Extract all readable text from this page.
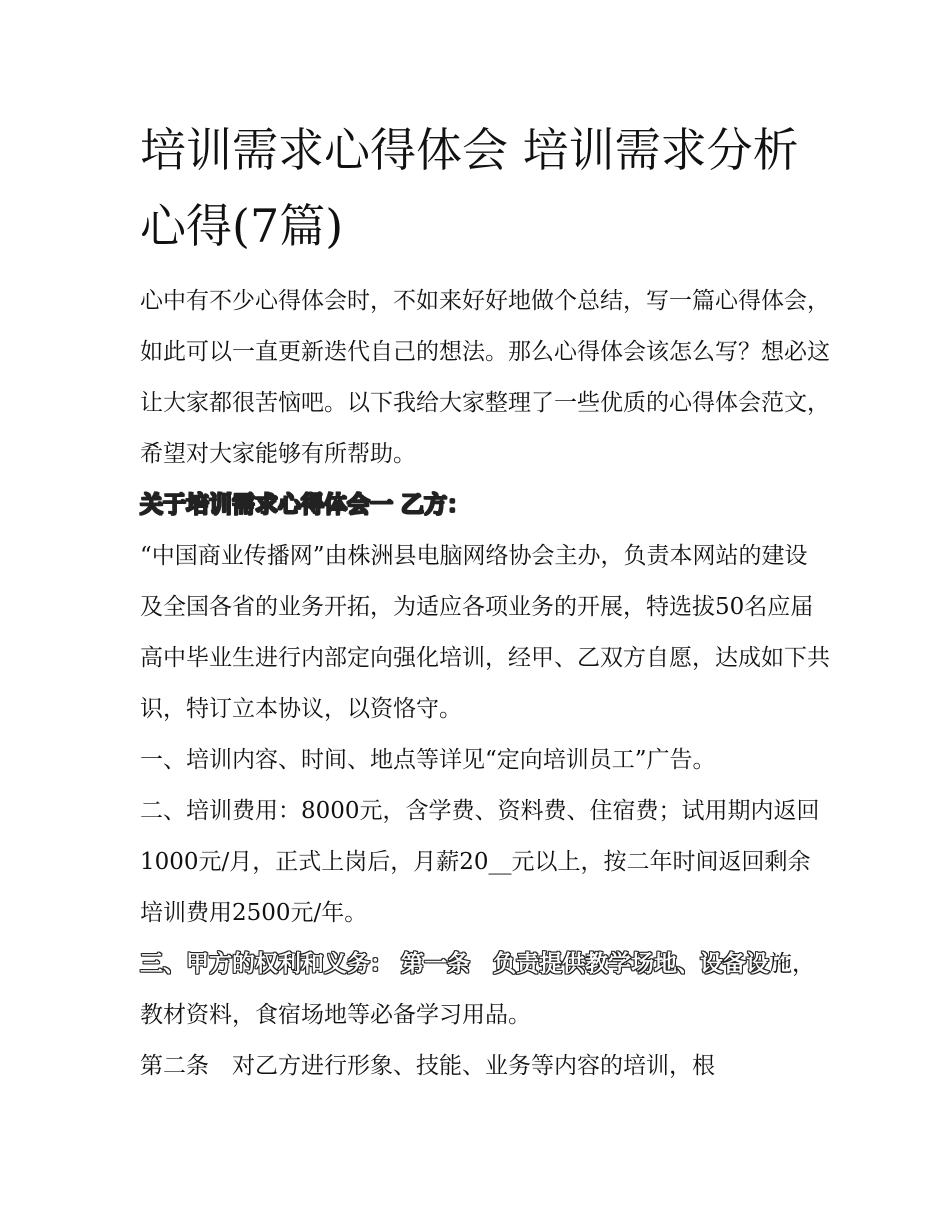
培训需求心得体会 培训需求分析心得(7篇)

心中有不少心得体会时，不如来好好地做个总结，写一篇心得体会，如此可以一直更新迭代自己的想法。那么心得体会该怎么写？想必这让大家都很苦恼吧。以下我给大家整理了一些优质的心得体会范文，希望对大家能够有所帮助。

关于培训需求心得体会一 乙方：

“中国商业传播网”由株洲县电脑网络协会主办，负责本网站的建设及全国各省的业务开拓，为适应各项业务的开展，特选拔50名应届高中毕业生进行内部定向强化培训，经甲、乙双方自愿，达成如下共识，特订立本协议，以资恪守。

一、培训内容、时间、地点等详见“定向培训员工”广告。

二、培训费用：8000元，含学费、资料费、住宿费；试用期内返回1000元/月，正式上岗后，月薪20__元以上，按二年时间返回剩余培训费用2500元/年。

三、甲方的权利和义务： 第一条　负责提供教学场地、设备设施，教材资料，食宿场地等必备学习用品。

第二条　对乙方进行形象、技能、业务等内容的培训，根
